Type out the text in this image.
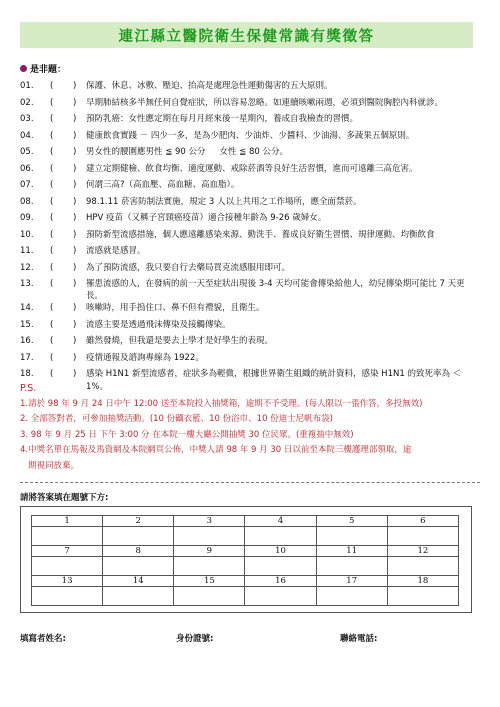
連江縣立醫院衛生保健常識有獎徵答
是非題：
01.	(　 　)	保護、休息、冰敷、壓迫、抬高是處理急性運動傷害的五大原則。
02.	(　 　)	早期肺結核多半無任何自覺症狀，所以容易忽略。如連續咳嗽兩週，必須到醫院胸腔內科就診。
03.	(　 　)	預防乳癌：女性應定期在每月月經來後一星期內，養成自我檢查的習慣。
04.	(　 　)	健康飲食實踐 － 四少一多，是為少肥肉、少油炸、少醬料、少油湯、多蔬果五個原則。
05.	(　 　)	男女性的腰圍應男性 ≦ 90 公分 　 女性 ≦ 80 公分。
06.	(　 　)	建立定期健檢、飲食均衡、適度運動、戒除菸酒等良好生活習慣，進而可遠離三高危害。
07.	(　 　)	何謂三高?（高血壓、高血糖、高血脂）。
08.	(　 　)	98.1.11 菸害防制法實施，規定 3 人以上共用之工作場所，應全面禁菸。
09.	(　 　)	HPV 疫苗（又稱子宮頸癌疫苗）適合接種年齡為 9-26 歲婦女。
10.	(　 　)	預防新型流感措施，個人應遠離感染來源、勤洗手、養成良好衛生習慣、規律運動、均衡飲食
11.	(　 　)	流感就是感冒。
12.	(　 　)	為了預防流感，我只要自行去藥局買克流感服用即可。
13.	(　 　)	罹患流感的人，在發病的前一天至症狀出現後 3-4 天均可能會傳染給他人，幼兒傳染期可能比 7 天更長。
14.	(　 　)	咳嗽時，用手摀住口、鼻不但有禮貌，且衛生。
15.	(　 　)	流感主要是透過飛沫傳染及接觸傳染。
16.	(　 　)	雖然發燒，但我還是要去上學才是好學生的表現。
17.	(　 　)	疫情通報及諮詢專線為 1922。
18.	(　 　)	感染 H1N1 新型流感者，症狀多為輕微，根據世界衛生組織的統計資料，感染 H1N1 的致死率為 ＜ 1%。
P.S.
1.請於 98 年 9 月 24 日中午 12:00 送至本院投入抽獎箱，逾期不予受理。(每人限以一張作答，多投無效)
2. 全部答對者，可參加抽獎活動。(10 份礪衣籃、10 份浴巾、10 份迪士尼帆布袋)
3. 98 年 9 月 25 日 下午 3:00 分 在本院一樓大廳公開抽獎 30 位民眾。(重複抽中無效)
4.中獎名單在馬報及馬資網及本院網頁公佈，中獎人請 98 年 9 月 30 日以前至本院三樓護理部領取，逾
期視同放棄。
請將答案填在題號下方:
1	2	3	4	5	6

7	8	9	10	11	12

13	14	15	16	17	18

填寫者姓名:	身份證號:	聯絡電話:
